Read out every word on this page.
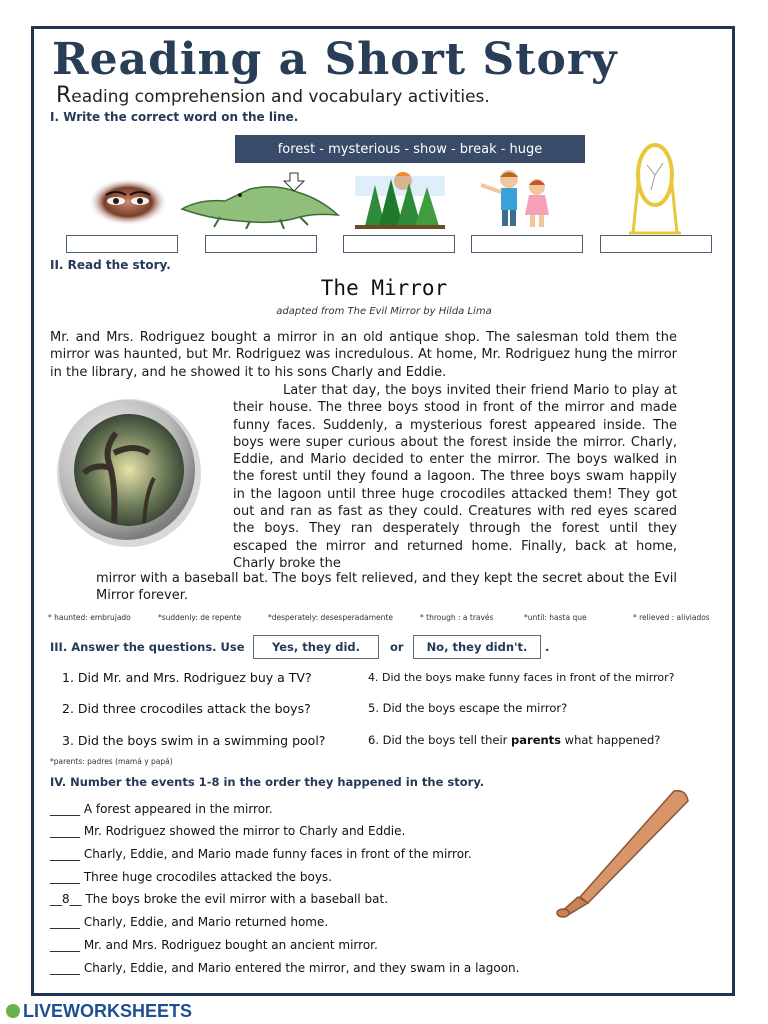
Reading a Short Story

Reading comprehension and vocabulary activities.

I. Write the correct word on the line.

forest - mysterious - show - break - huge

II. Read the story.

The Mirror

adapted from The Evil Mirror by Hilda Lima

Mr. and Mrs. Rodriguez bought a mirror in an old antique shop. The salesman told them the mirror was haunted, but Mr. Rodriguez was incredulous. At home, Mr. Rodriguez hung the mirror in the library, and he showed it to his sons Charly and Eddie.

Later that day, the boys invited their friend Mario to play at their house. The three boys stood in front of the mirror and made funny faces. Suddenly, a mysterious forest appeared inside. The boys were super curious about the forest inside the mirror. Charly, Eddie, and Mario decided to enter the mirror. The boys walked in the forest until they found a lagoon. The three boys swam happily in the lagoon until three huge crocodiles attacked them! They got out and ran as fast as they could. Creatures with red eyes scared the boys. They ran desperately through the forest until they escaped the mirror and returned home. Finally, back at home, Charly broke the

mirror with a baseball bat. The boys felt relieved, and they kept the secret about the Evil Mirror forever.

* haunted: embrujado	*suddenly: de repente	*desperately: desesperadamente	* through : a través	*until: hasta que	* relieved : aliviados
III. Answer the questions. Use	Yes, they did.	or	No, they didn't.	.
1. Did Mr. and Mrs. Rodriguez buy a TV?
2. Did three crocodiles attack the boys?
3. Did the boys swim in a swimming pool?
4. Did the boys make funny faces in front of the mirror?
5. Did the boys escape the mirror?
6. Did the boys tell their parents what happened?
*parents: padres (mamá y papá)

IV. Number the events 1-8 in the order they happened in the story.

_____ A forest appeared in the mirror.
_____ Mr. Rodriguez showed the mirror to Charly and Eddie.
_____ Charly, Eddie, and Mario made funny faces in front of the mirror.
_____ Three huge crocodiles attacked the boys.
__8__ The boys broke the evil mirror with a baseball bat.
_____ Charly, Eddie, and Mario returned home.
_____ Mr. and Mrs. Rodriguez bought an ancient mirror.
_____ Charly, Eddie, and Mario entered the mirror, and they swam in a lagoon.
LIVEWORKSHEETS
